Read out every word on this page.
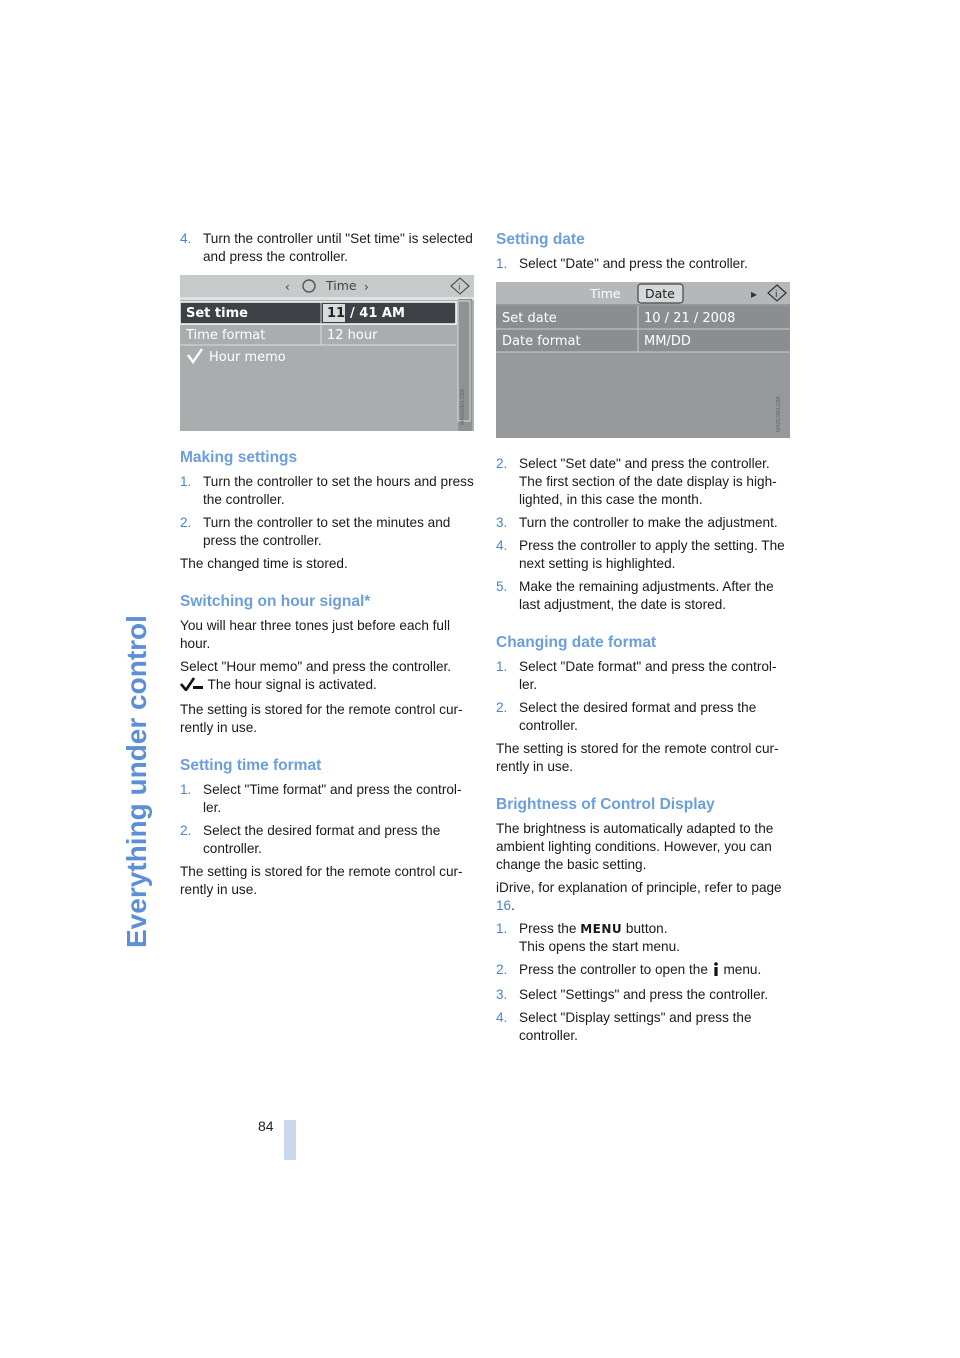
Everything under control
4. Turn the controller until "Set time" is selected and press the controller.
‹	›	i
Time
Set time	11 / 41 AM
Time format	12 hour
Hour memo
MA052/M/LCBA
Making settings
1. Turn the controller to set the hours and press the controller.
2. Turn the controller to set the minutes and press the controller.

The changed time is stored.

Switching on hour signal*

You will hear three tones just before each full hour.

Select "Hour memo" and press the controller.
The hour signal is activated.

The setting is stored for the remote control cur-rently in use.

Setting time format
1. Select "Time format" and press the control-ler.
2. Select the desired format and press the controller.

The setting is stored for the remote control cur-rently in use.

Setting date
1. Select "Date" and press the controller.
▸ i
Time Date
Set date	10 / 21 / 2008
Date format	MM/DD
MA052/M/LCBA
2. Select "Set date" and press the controller. The first section of the date display is high-lighted, in this case the month.
3. Turn the controller to make the adjustment.
4. Press the controller to apply the setting. The next setting is highlighted.
5. Make the remaining adjustments. After the last adjustment, the date is stored.
Changing date format
1. Select "Date format" and press the control-ler.
2. Select the desired format and press the controller.

The setting is stored for the remote control cur-rently in use.

Brightness of Control Display

The brightness is automatically adapted to the ambient lighting conditions. However, you can change the basic setting.

iDrive, for explanation of principle, refer to page 16.

1. Press the MENU button.
This opens the start menu.
2. Press the controller to open the  menu.
3. Select "Settings" and press the controller.
4. Select "Display settings" and press the controller.
84
